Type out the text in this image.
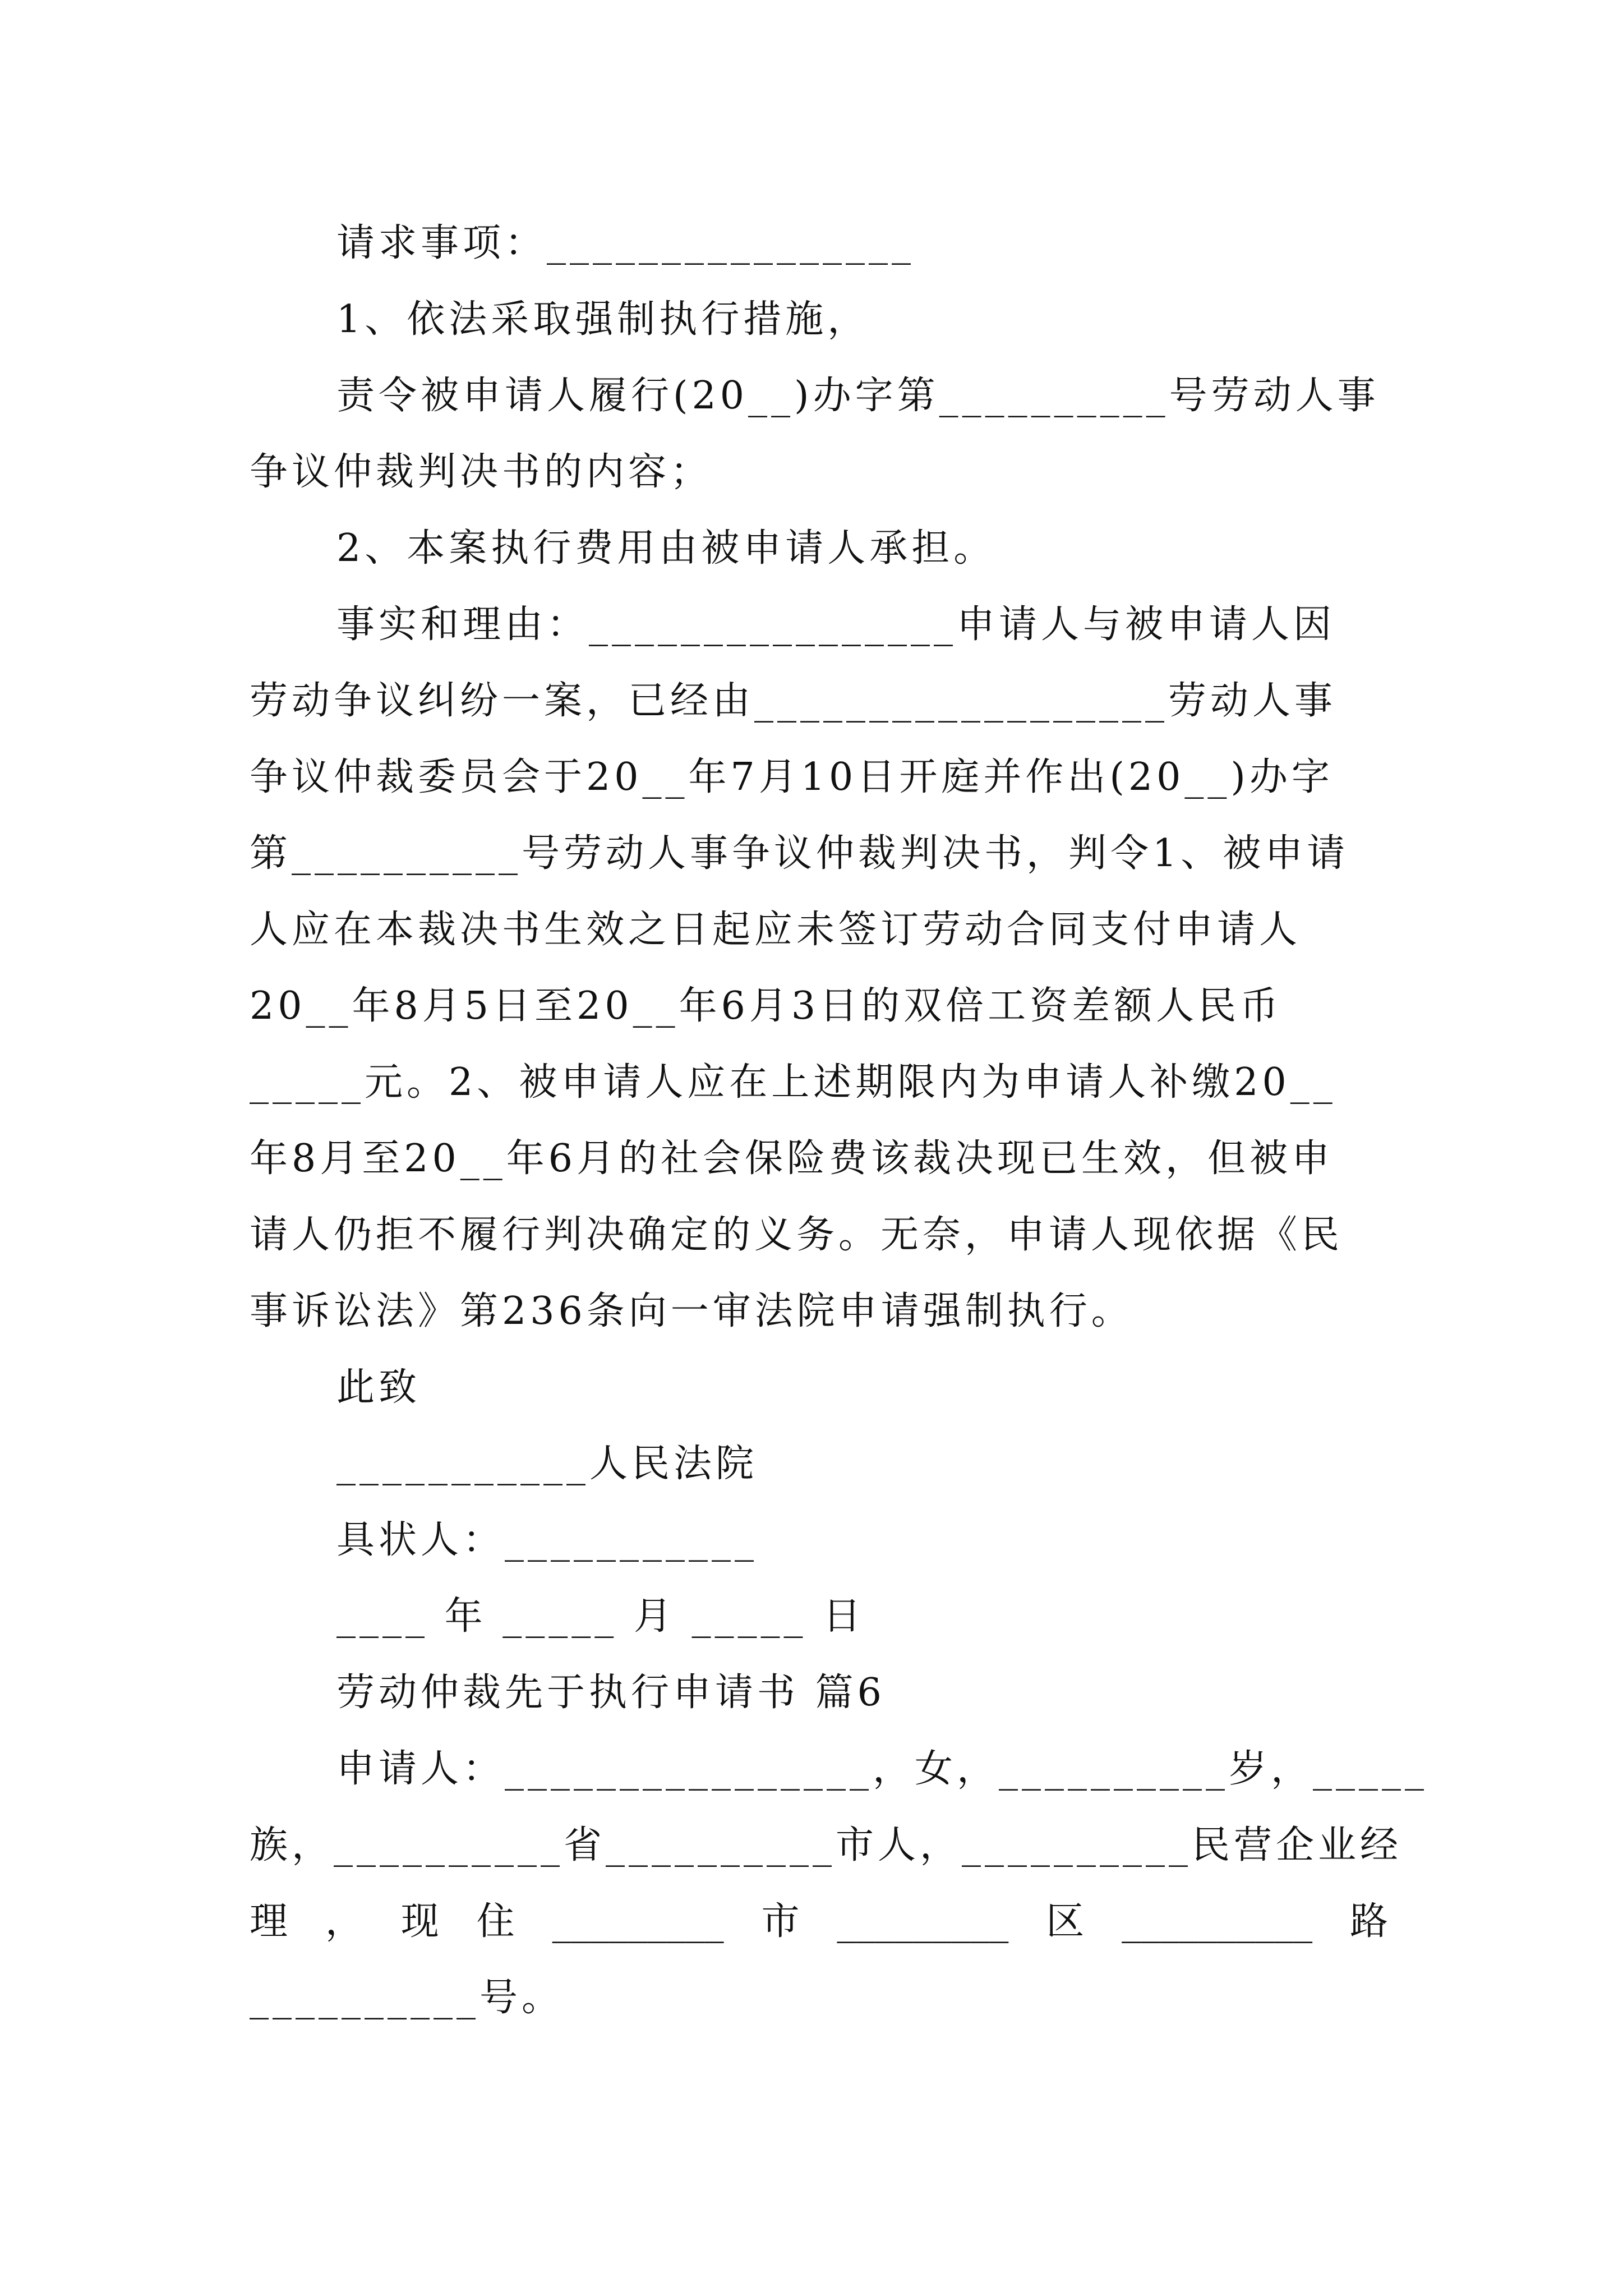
请求事项：________________
1、依法采取强制执行措施，
责令被申请人履行(20__)办字第__________号劳动人事
争议仲裁判决书的内容；
2、本案执行费用由被申请人承担。
事实和理由：________________申请人与被申请人因
劳动争议纠纷一案，已经由__________________劳动人事
争议仲裁委员会于20__年7月10日开庭并作出(20__)办字
第__________号劳动人事争议仲裁判决书，判令1、被申请
人应在本裁决书生效之日起应未签订劳动合同支付申请人
20__年8月5日至20__年6月3日的双倍工资差额人民币
_____元。2、被申请人应在上述期限内为申请人补缴20__
年8月至20__年6月的社会保险费该裁决现已生效，但被申
请人仍拒不履行判决确定的义务。无奈，申请人现依据《民
事诉讼法》第236条向一审法院申请强制执行。
此致
___________人民法院
具状人：___________
____ 年 _____ 月 _____ 日
劳动仲裁先于执行申请书 篇6
申请人：________________，女，__________岁，_____
族，__________省__________市人，__________民营企业经
理 ， 现 住 _________ 市 _________ 区 __________ 路
__________号。
